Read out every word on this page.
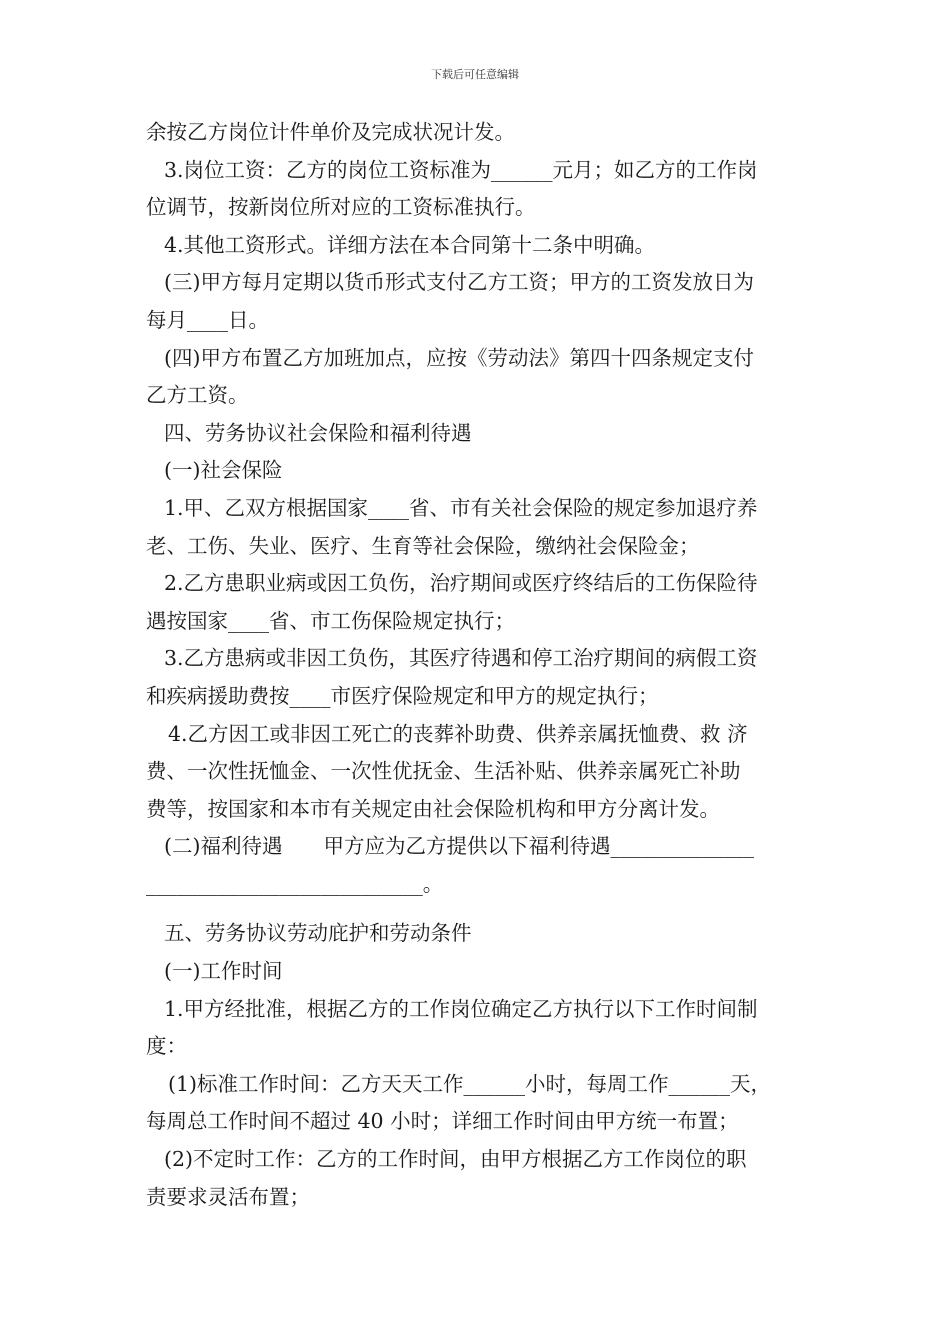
下载后可任意编辑
余按乙方岗位计件单价及完成状况计发。
3.岗位工资：乙方的岗位工资标准为______元月；如乙方的工作岗
位调节，按新岗位所对应的工资标准执行。
4.其他工资形式。详细方法在本合同第十二条中明确。
(三)甲方每月定期以货币形式支付乙方工资；甲方的工资发放日为
每月____日。
(四)甲方布置乙方加班加点，应按《劳动法》第四十四条规定支付
乙方工资。
四、劳务协议社会保险和福利待遇
(一)社会保险
1.甲、乙双方根据国家____省、市有关社会保险的规定参加退疗养
老、工伤、失业、医疗、生育等社会保险，缴纳社会保险金；
2.乙方患职业病或因工负伤，治疗期间或医疗终结后的工伤保险待
遇按国家____省、市工伤保险规定执行；
3.乙方患病或非因工负伤，其医疗待遇和停工治疗期间的病假工资
和疾病援助费按____市医疗保险规定和甲方的规定执行；
4.乙方因工或非因工死亡的丧葬补助费、供养亲属抚恤费、救 济
费、一次性抚恤金、一次性优抚金、生活补贴、供养亲属死亡补助
费等，按国家和本市有关规定由社会保险机构和甲方分离计发。
(二)福利待遇　　甲方应为乙方提供以下福利待遇______________
___________________________。
五、劳务协议劳动庇护和劳动条件
(一)工作时间
1.甲方经批准，根据乙方的工作岗位确定乙方执行以下工作时间制
度：
(1)标准工作时间：乙方天天工作______小时，每周工作______天，
每周总工作时间不超过 40 小时；详细工作时间由甲方统一布置；
(2)不定时工作：乙方的工作时间，由甲方根据乙方工作岗位的职
责要求灵活布置；
